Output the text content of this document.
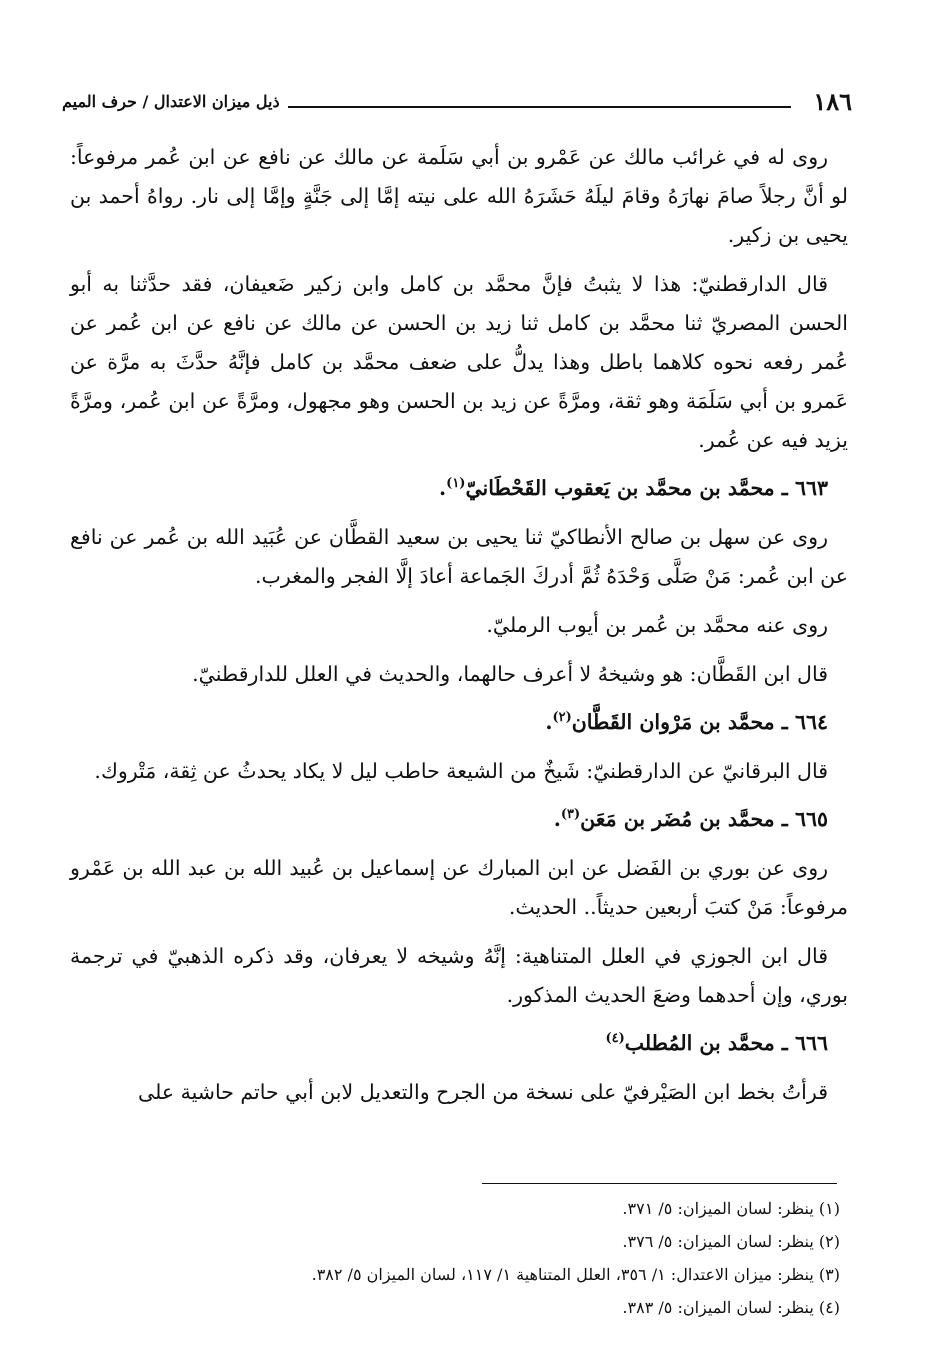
١٨٦
ذيل ميزان الاعتدال / حرف الميم

روى له في غرائب مالك عن عَمْرو بن أبي سَلَمة عن مالك عن نافع عن ابن عُمر مرفوعاً: لو أنَّ رجلاً صامَ نهارَهُ وقامَ ليلَهُ حَشَرَهُ الله على نيته إمَّا إلى جَنَّةٍ وإمَّا إلى نار. رواهُ أحمد بن يحيى بن زكير.

قال الدارقطنيّ: هذا لا يثبتُ فإنَّ محمَّد بن كامل وابن زكير ضَعيفان، فقد حدَّثنا به أبو الحسن المصريّ ثنا محمَّد بن كامل ثنا زيد بن الحسن عن مالك عن نافع عن ابن عُمر عن عُمر رفعه نحوه كلاهما باطل وهذا يدلُّ على ضعف محمَّد بن كامل فإنَّهُ حدَّثَ به مرَّة عن عَمرو بن أبي سَلَمَة وهو ثقة، ومرَّةً عن زيد بن الحسن وهو مجهول، ومرَّةً عن ابن عُمر، ومرَّةً يزيد فيه عن عُمر.

٦٦٣ ـ محمَّد بن محمَّد بن يَعقوب القَحْطَانيّ$^{(١)}$.

روى عن سهل بن صالح الأنطاكيّ ثنا يحيى بن سعيد القطَّان عن عُبَيد الله بن عُمر عن نافع عن ابن عُمر: مَنْ صَلَّى وَحْدَهُ ثُمَّ أدركَ الجَماعة أعادَ إلَّا الفجر والمغرب.

روى عنه محمَّد بن عُمر بن أيوب الرمليّ.

قال ابن القَطَّان: هو وشيخهُ لا أعرف حالهما، والحديث في العلل للدارقطنيّ.

٦٦٤ ـ محمَّد بن مَرْوان القَطَّان$^{(٢)}$.

قال البرقانيّ عن الدارقطنيّ: شَيخٌ من الشيعة حاطب ليل لا يكاد يحدثُ عن ثِقة، مَتْروك.

٦٦٥ ـ محمَّد بن مُضَر بن مَعَن$^{(٣)}$.

روى عن بوري بن الفَضل عن ابن المبارك عن إسماعيل بن عُبيد الله بن عبد الله بن عَمْرو مرفوعاً: مَنْ كتبَ أربعين حديثاً.. الحديث.

قال ابن الجوزي في العلل المتناهية: إنَّهُ وشيخه لا يعرفان، وقد ذكره الذهبيّ في ترجمة بوري، وإن أحدهما وضعَ الحديث المذكور.

٦٦٦ ـ محمَّد بن المُطلب$^{(٤)}$

قرأتُ بخط ابن الصَيْرفيّ على نسخة من الجرح والتعديل لابن أبي حاتم حاشية على

(١) ينظر: لسان الميزان: ٥/ ٣٧١.

(٢) ينظر: لسان الميزان: ٥/ ٣٧٦.

(٣) ينظر: ميزان الاعتدال: ١/ ٣٥٦، العلل المتناهية ١/ ١١٧، لسان الميزان ٥/ ٣٨٢.

(٤) ينظر: لسان الميزان: ٥/ ٣٨٣.
